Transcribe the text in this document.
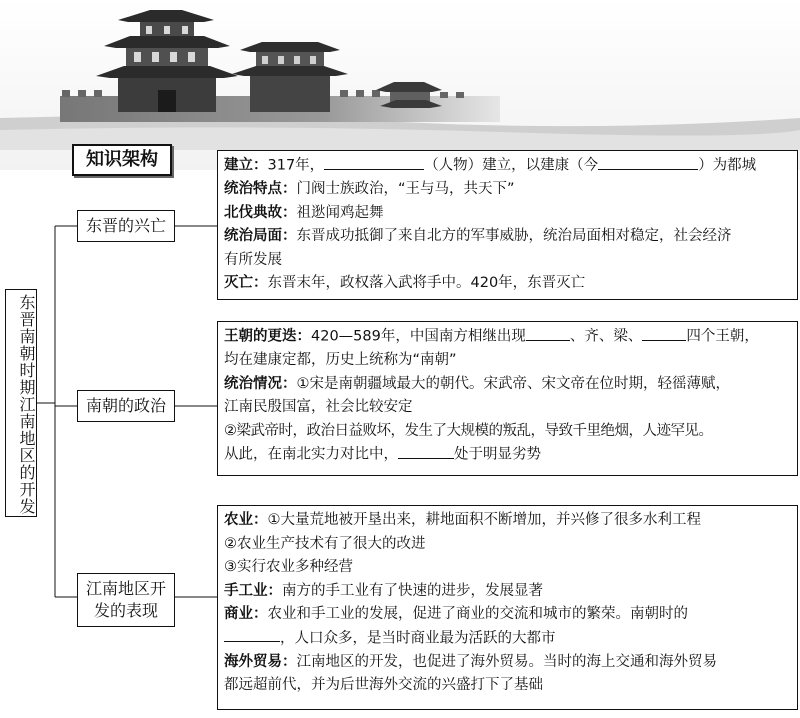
知识架构
东晋南朝时期江南地区的开发
东晋的兴亡
建立：317年，	（人物）建立，以建康（今	）为都城
统治特点：门阀士族政治，“王与马，共天下”
北伐典故：祖逖闻鸡起舞
统治局面：东晋成功抵御了来自北方的军事威胁，统治局面相对稳定，社会经济
有所发展
灭亡：东晋末年，政权落入武将手中。420年，东晋灭亡
南朝的政治
王朝的更迭：420—589年，中国南方相继出现	、齐、梁、	四个王朝，
均在建康定都，历史上统称为“南朝”
统治情况：①宋是南朝疆域最大的朝代。宋武帝、宋文帝在位时期，轻徭薄赋，
江南民殷国富，社会比较安定
②梁武帝时，政治日益败坏，发生了大规模的叛乱，导致千里绝烟，人迹罕见。
从此，在南北实力对比中，	处于明显劣势
江南地区开
发的表现
农业：①大量荒地被开垦出来，耕地面积不断增加，并兴修了很多水利工程
②农业生产技术有了很大的改进
③实行农业多种经营
手工业：南方的手工业有了快速的进步，发展显著
商业：农业和手工业的发展，促进了商业的交流和城市的繁荣。南朝时的
，人口众多，是当时商业最为活跃的大都市
海外贸易：江南地区的开发，也促进了海外贸易。当时的海上交通和海外贸易
都远超前代，并为后世海外交流的兴盛打下了基础
